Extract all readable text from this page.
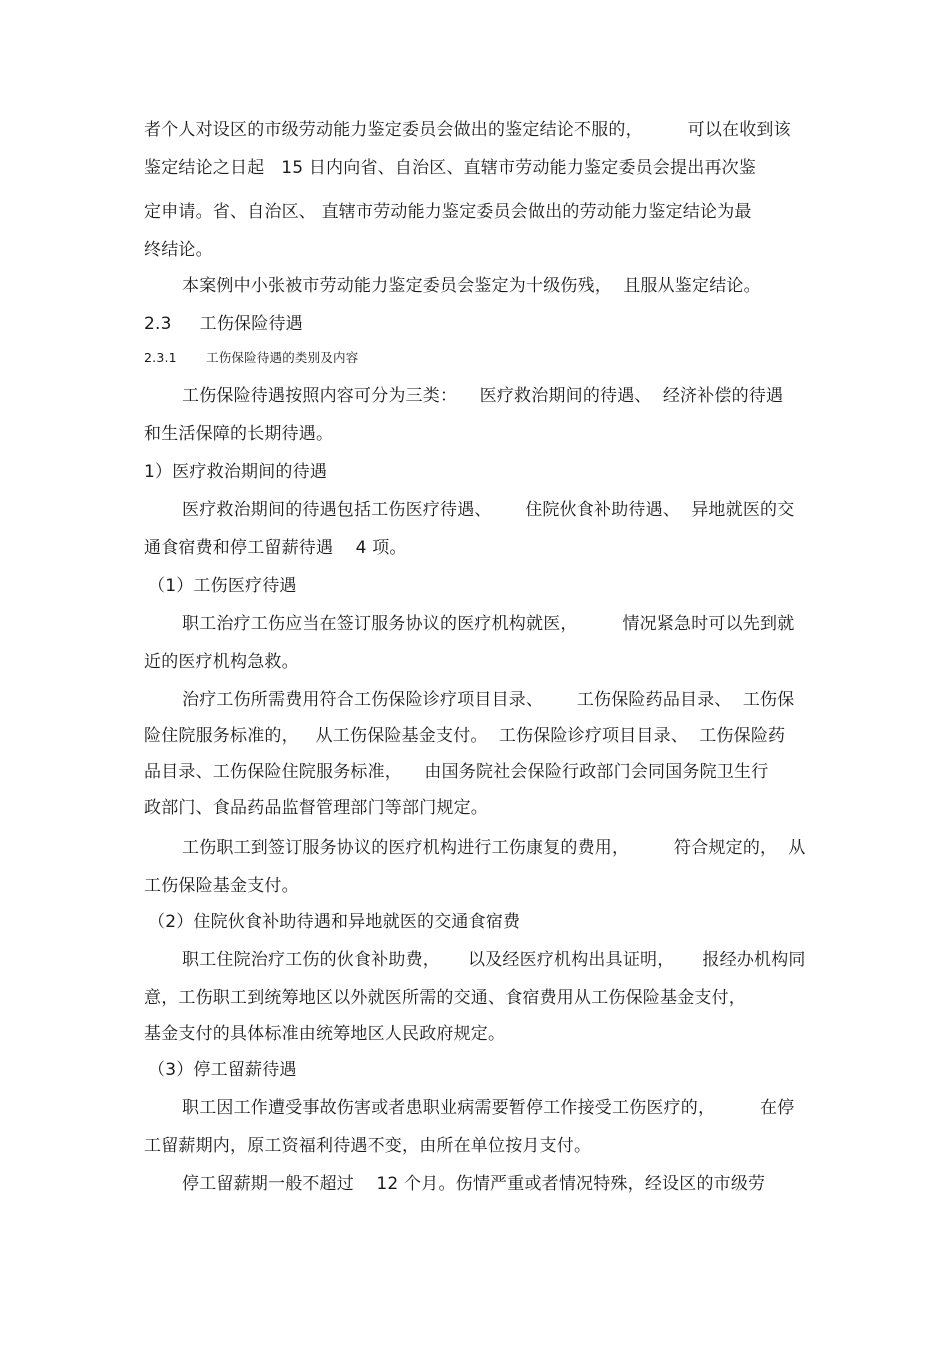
者个人对设区的市级劳动能力鉴定委员会做出的鉴定结论不服的，        可以在收到该
鉴定结论之日起   15 日内向省、自治区、直辖市劳动能力鉴定委员会提出再次鉴
定申请。省、自治区、 直辖市劳动能力鉴定委员会做出的劳动能力鉴定结论为最
终结论。
本案例中小张被市劳动能力鉴定委员会鉴定为十级伤残，  且服从鉴定结论。
2.3     工伤保险待遇
2.3.1       工伤保险待遇的类别及内容
工伤保险待遇按照内容可分为三类：    医疗救治期间的待遇、  经济补偿的待遇
和生活保障的长期待遇。
1）医疗救治期间的待遇
医疗救治期间的待遇包括工伤医疗待遇、      住院伙食补助待遇、  异地就医的交
通食宿费和停工留薪待遇    4 项。
（1）工伤医疗待遇
职工治疗工伤应当在签订服务协议的医疗机构就医，        情况紧急时可以先到就
近的医疗机构急救。
治疗工伤所需费用符合工伤保险诊疗项目目录、      工伤保险药品目录、  工伤保
险住院服务标准的，   从工伤保险基金支付。  工伤保险诊疗项目目录、  工伤保险药
品目录、工伤保险住院服务标准，    由国务院社会保险行政部门会同国务院卫生行
政部门、食品药品监督管理部门等部门规定。
工伤职工到签订服务协议的医疗机构进行工伤康复的费用，        符合规定的，  从
工伤保险基金支付。
（2）住院伙食补助待遇和异地就医的交通食宿费
职工住院治疗工伤的伙食补助费，     以及经医疗机构出具证明，     报经办机构同
意，工伤职工到统筹地区以外就医所需的交通、食宿费用从工伤保险基金支付，
基金支付的具体标准由统筹地区人民政府规定。
（3）停工留薪待遇
职工因工作遭受事故伤害或者患职业病需要暂停工作接受工伤医疗的，        在停
工留薪期内，原工资福利待遇不变，由所在单位按月支付。
停工留薪期一般不超过    12 个月。伤情严重或者情况特殊，经设区的市级劳
